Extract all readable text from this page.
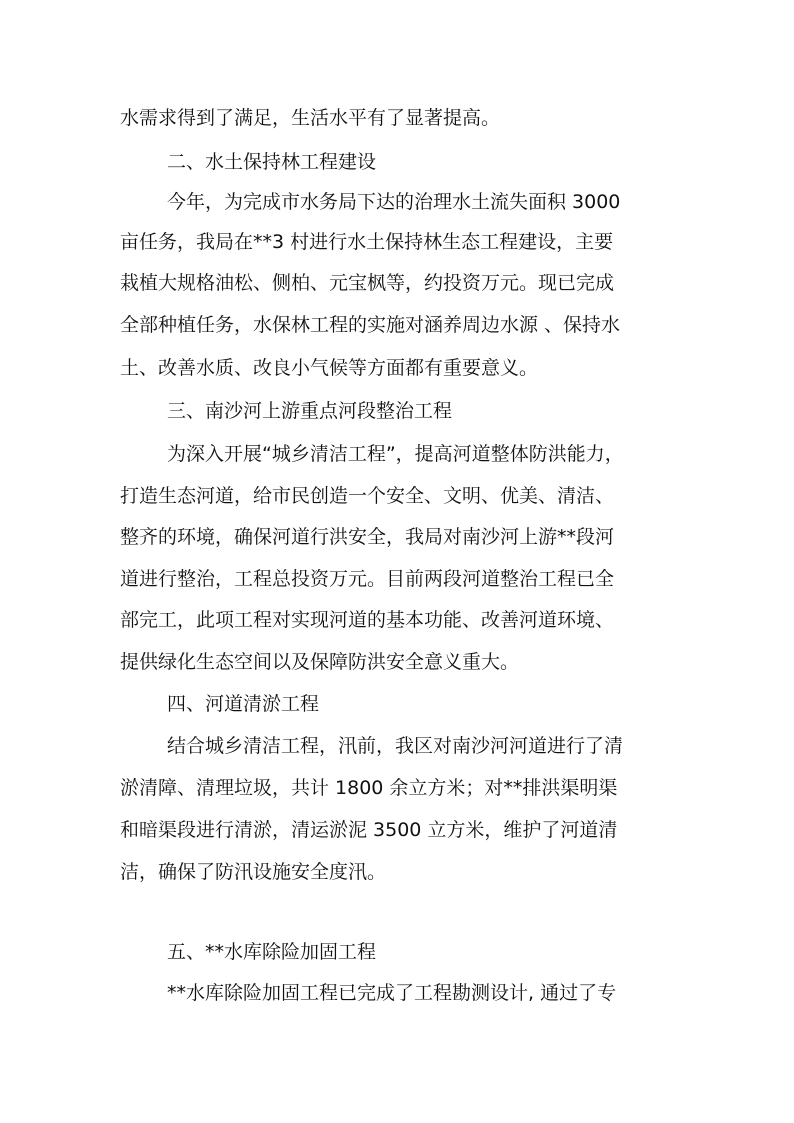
水需求得到了满足，生活水平有了显著提高。
二、水土保持林工程建设
今年，为完成市水务局下达的治理水土流失面积 3000
亩任务，我局在**3 村进行水土保持林生态工程建设，主要
栽植大规格油松、侧柏、元宝枫等，约投资万元。现已完成
全部种植任务，水保林工程的实施对涵养周边水源 、保持水
土、改善水质、改良小气候等方面都有重要意义。
三、南沙河上游重点河段整治工程
为深入开展“城乡清洁工程”，提高河道整体防洪能力，
打造生态河道，给市民创造一个安全、文明、优美、清洁、
整齐的环境，确保河道行洪安全，我局对南沙河上游**段河
道进行整治，工程总投资万元。目前两段河道整治工程已全
部完工，此项工程对实现河道的基本功能、改善河道环境、
提供绿化生态空间以及保障防洪安全意义重大。
四、河道清淤工程
结合城乡清洁工程，汛前，我区对南沙河河道进行了清
淤清障、清理垃圾，共计 1800 余立方米；对**排洪渠明渠
和暗渠段进行清淤，清运淤泥 3500 立方米，维护了河道清
洁，确保了防汛设施安全度汛。
五、**水库除险加固工程
**水库除险加固工程已完成了工程勘测设计, 通过了专
